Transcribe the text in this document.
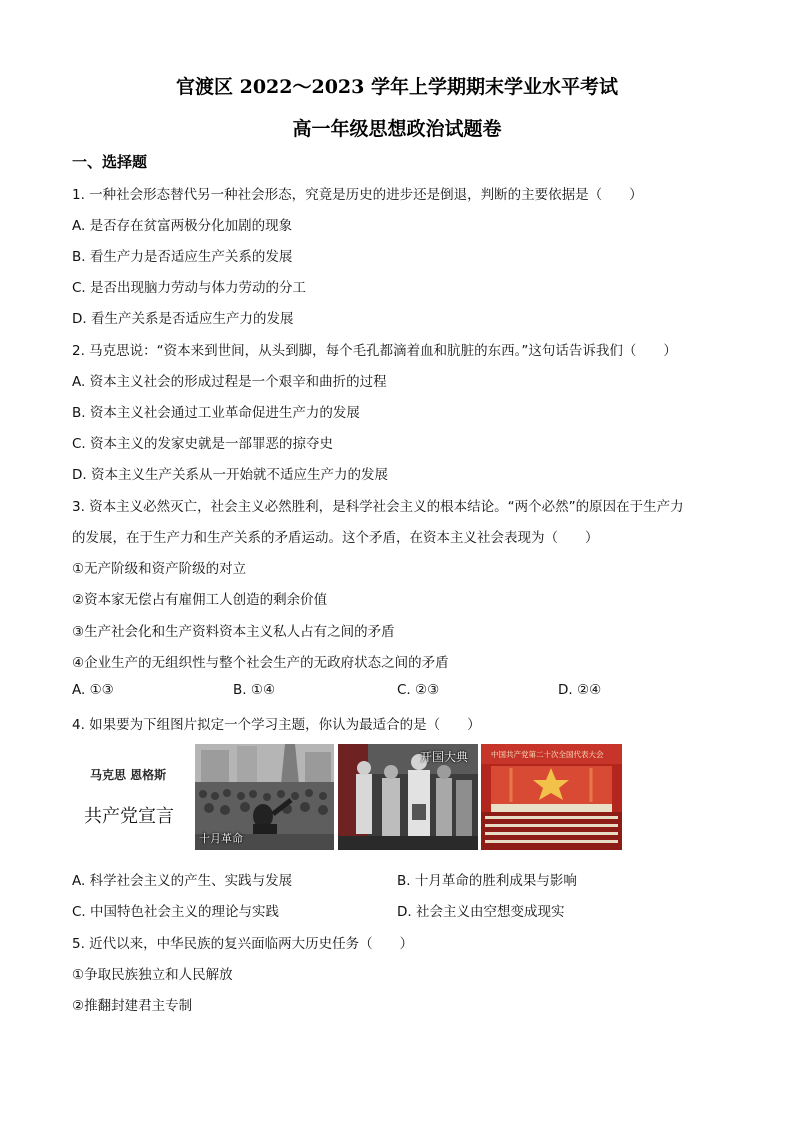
官渡区 2022～2023 学年上学期期末学业水平考试
高一年级思想政治试题卷
一、选择题
1. 一种社会形态替代另一种社会形态，究竟是历史的进步还是倒退，判断的主要依据是（　　）
A. 是否存在贫富两极分化加剧的现象
B. 看生产力是否适应生产关系的发展
C. 是否出现脑力劳动与体力劳动的分工
D. 看生产关系是否适应生产力的发展
2. 马克思说：“资本来到世间，从头到脚，每个毛孔都滴着血和肮脏的东西。”这句话告诉我们（　　）
A. 资本主义社会的形成过程是一个艰辛和曲折的过程
B. 资本主义社会通过工业革命促进生产力的发展
C. 资本主义的发家史就是一部罪恶的掠夺史
D. 资本主义生产关系从一开始就不适应生产力的发展
3. 资本主义必然灭亡，社会主义必然胜利，是科学社会主义的根本结论。“两个必然”的原因在于生产力
的发展，在于生产力和生产关系的矛盾运动。这个矛盾，在资本主义社会表现为（　　）
①无产阶级和资产阶级的对立
②资本家无偿占有雇佣工人创造的剩余价值
③生产社会化和生产资料资本主义私人占有之间的矛盾
④企业生产的无组织性与整个社会生产的无政府状态之间的矛盾
A. ①③	B. ①④	C. ②③	D. ②④
4. 如果要为下组图片拟定一个学习主题，你认为最适合的是（　　）
马克思 恩格斯
共产党宣言
十月革命
开国大典	中国共产党第二十次全国代表大会
A. 科学社会主义的产生、实践与发展	B. 十月革命的胜利成果与影响
C. 中国特色社会主义的理论与实践	D. 社会主义由空想变成现实
5. 近代以来，中华民族的复兴面临两大历史任务（　　）
①争取民族独立和人民解放
②推翻封建君主专制
